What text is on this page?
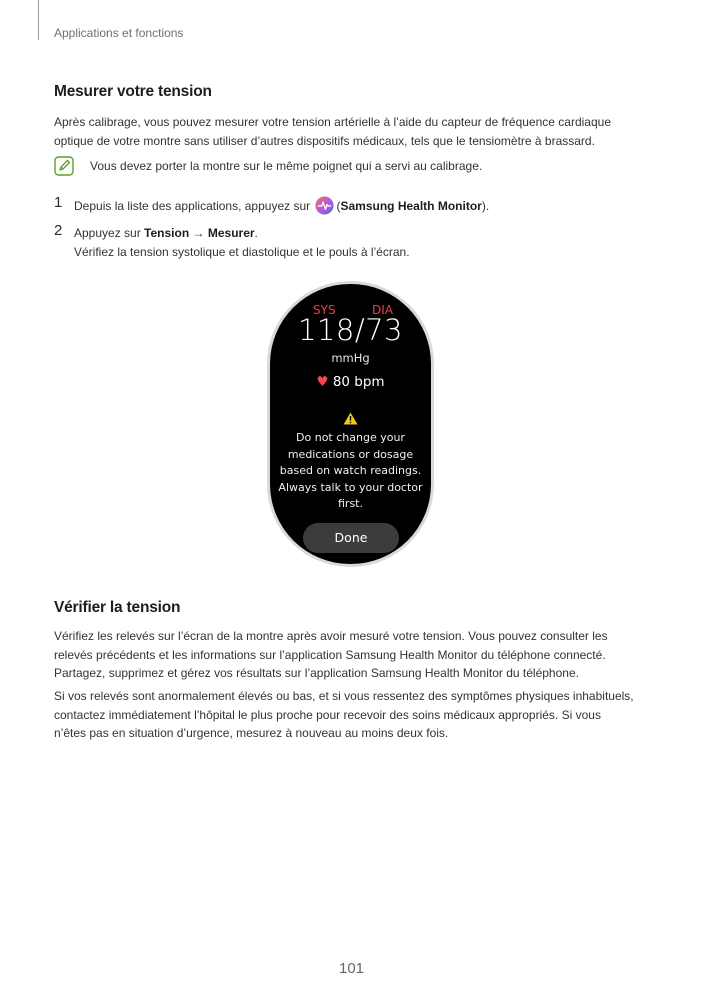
Applications et fonctions
Mesurer votre tension

Après calibrage, vous pouvez mesurer votre tension artérielle à l’aide du capteur de fréquence cardiaque
optique de votre montre sans utiliser d’autres dispositifs médicaux, tels que le tensiomètre à brassard.

Vous devez porter la montre sur le même poignet qui a servi au calibrage.
1 Depuis la liste des applications, appuyez sur (Samsung Health Monitor).
2 Appuyez sur Tension → Mesurer.
Vérifiez la tension systolique et diastolique et le pouls à l’écran.
SYS	DIA
118/73
mmHg
♥ 80 bpm
Do not change your
medications or dosage
based on watch readings.
Always talk to your doctor
first.
Done
Vérifier la tension

Vérifiez les relevés sur l’écran de la montre après avoir mesuré votre tension. Vous pouvez consulter les
relevés précédents et les informations sur l’application Samsung Health Monitor du téléphone connecté.
Partagez, supprimez et gérez vos résultats sur l’application Samsung Health Monitor du téléphone.

Si vos relevés sont anormalement élevés ou bas, et si vous ressentez des symptômes physiques inhabituels,
contactez immédiatement l’hôpital le plus proche pour recevoir des soins médicaux appropriés. Si vous
n’êtes pas en situation d’urgence, mesurez à nouveau au moins deux fois.

101
